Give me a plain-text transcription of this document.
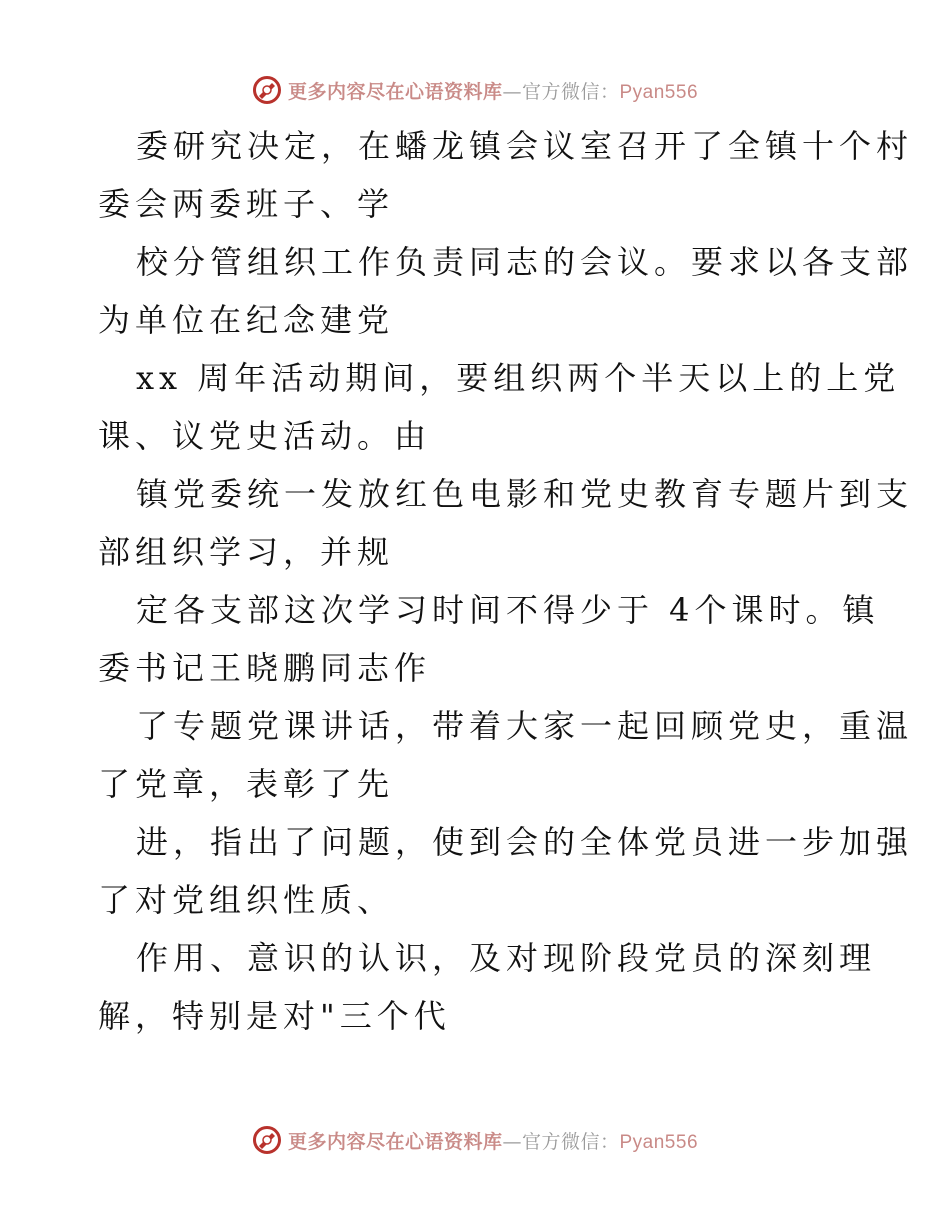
更多内容尽在心语资料库—官方微信：Pyan556
委研究决定，在蟠龙镇会议室召开了全镇十个村
委会两委班子、学
校分管组织工作负责同志的会议。要求以各支部
为单位在纪念建党
xx 周年活动期间，要组织两个半天以上的上党
课、议党史活动。由
镇党委统一发放红色电影和党史教育专题片到支
部组织学习，并规
定各支部这次学习时间不得少于 4个课时。镇
委书记王晓鹏同志作
了专题党课讲话，带着大家一起回顾党史，重温
了党章，表彰了先
进，指出了问题，使到会的全体党员进一步加强
了对党组织性质、
作用、意识的认识，及对现阶段党员的深刻理
解，特别是对"三个代
更多内容尽在心语资料库—官方微信：Pyan556
